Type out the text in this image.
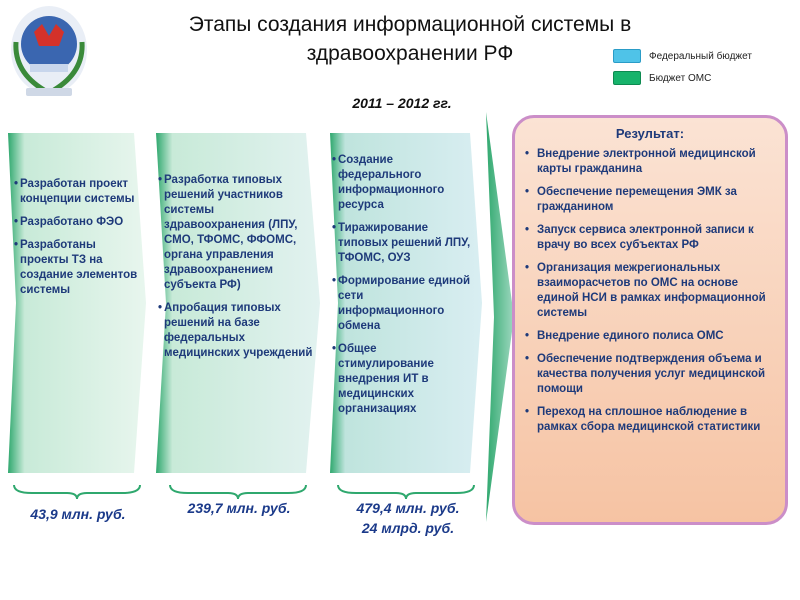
Этапы создания информационной системы в здравоохранении РФ	Федеральный бюджет
Бюджет ОМС
2011 – 2012 гг.
• Разработан проект концепции системы
• Разработано ФЭО
• Разработаны проекты ТЗ на создание элементов системы
• Разработка типовых решений участников системы здравоохранения (ЛПУ, СМО, ТФОМС, ФФОМС, органа управления здравоохранением субъекта РФ)
• Апробация типовых решений на базе федеральных медицинских учреждений
• Создание федерального информационного ресурса
• Тиражирование типовых решений ЛПУ, ТФОМС, ОУЗ
• Формирование единой сети информационного обмена
• Общее стимулирование внедрения ИТ в медицинских организациях
43,9 млн. руб.	239,7 млн. руб.	479,4 млн. руб.
24 млрд. руб.
Результат:
• Внедрение электронной медицинской карты гражданина
• Обеспечение перемещения ЭМК за гражданином
• Запуск сервиса электронной записи к врачу во всех субъектах РФ
• Организация межрегиональных взаиморасчетов по ОМС на основе единой НСИ в рамках информационной системы
• Внедрение единого полиса ОМС
• Обеспечение подтверждения объема и качества получения услуг медицинской помощи
• Переход на сплошное наблюдение в рамках сбора медицинской статистики
